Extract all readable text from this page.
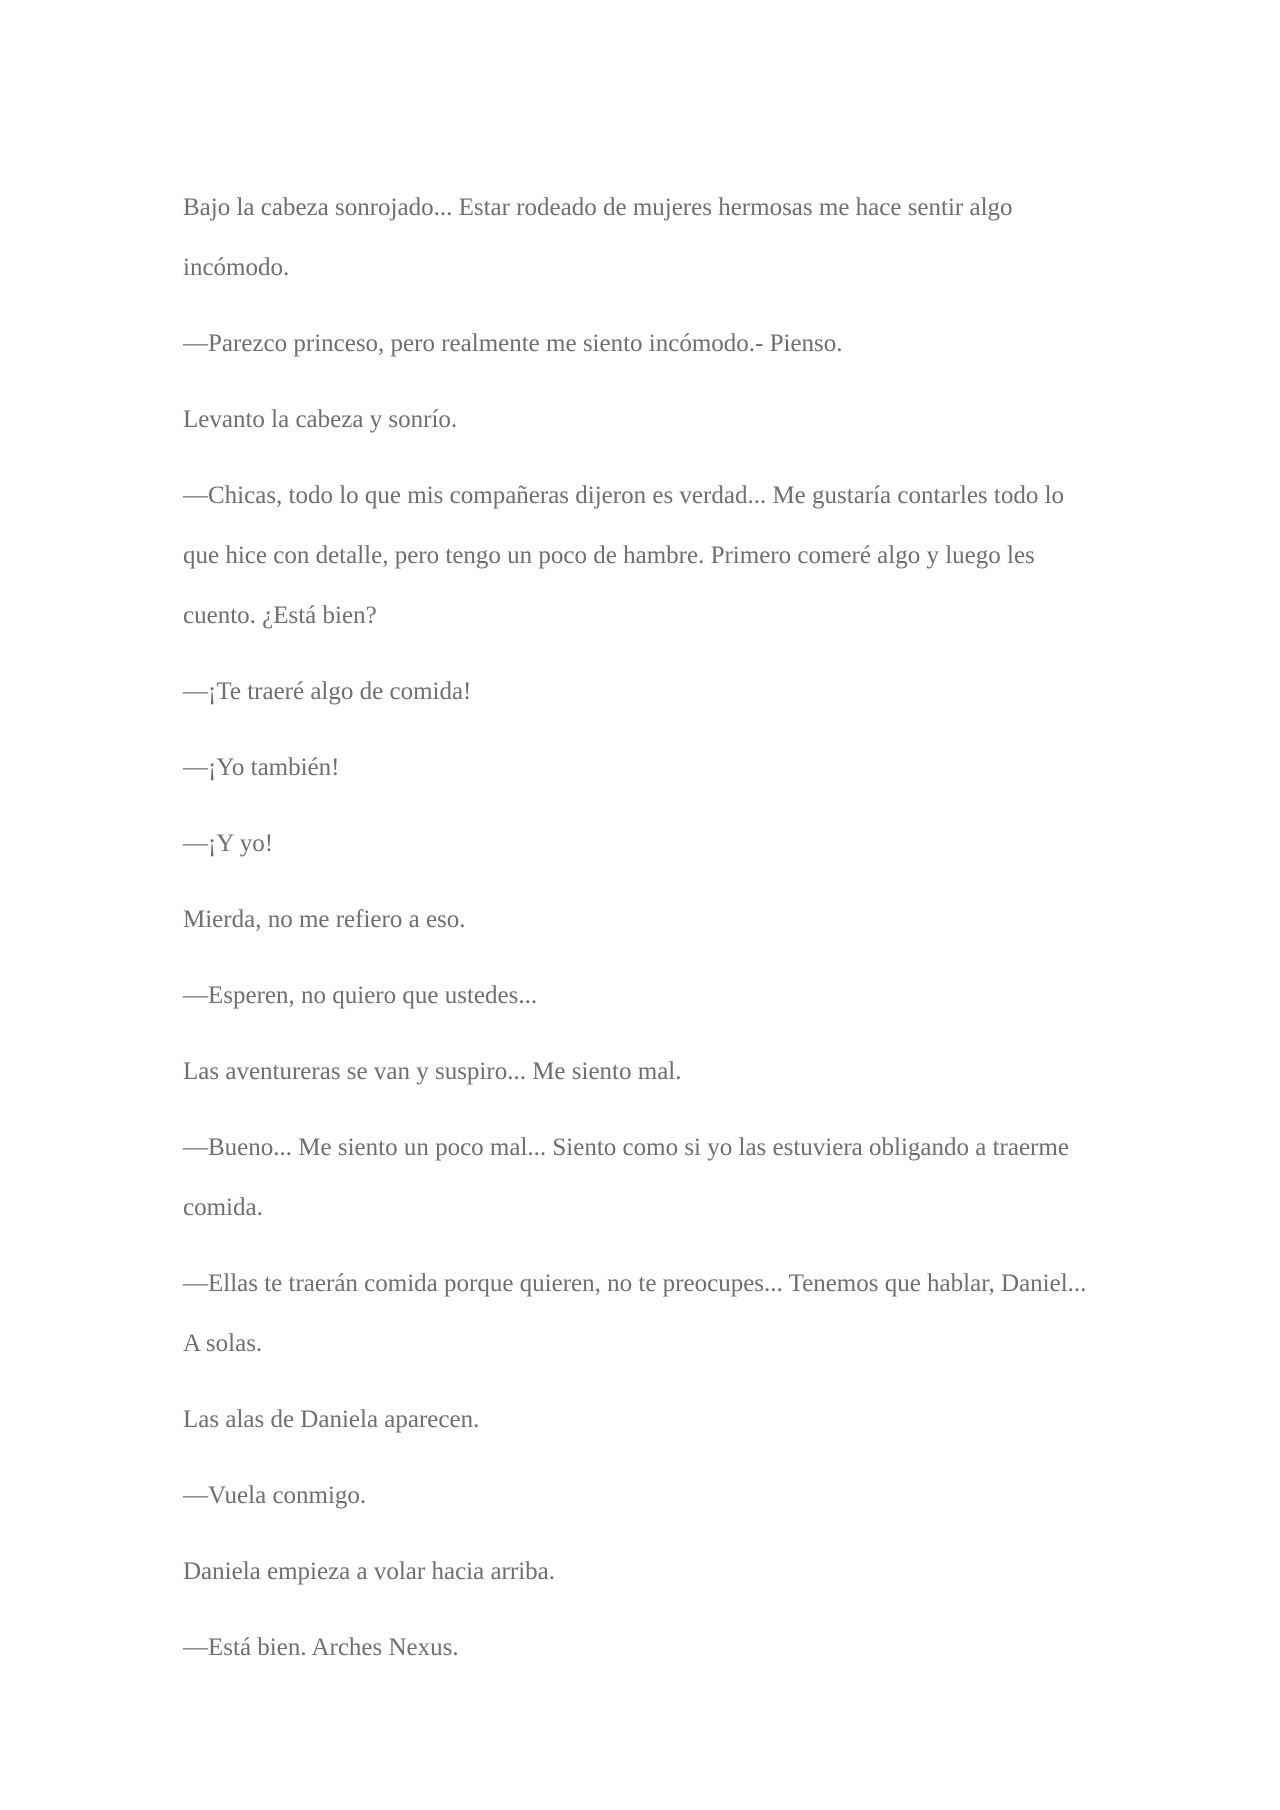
Bajo la cabeza sonrojado... Estar rodeado de mujeres hermosas me hace sentir algo incómodo.

—Parezco princeso, pero realmente me siento incómodo.- Pienso.

Levanto la cabeza y sonrío.

—Chicas, todo lo que mis compañeras dijeron es verdad... Me gustaría contarles todo lo que hice con detalle, pero tengo un poco de hambre. Primero comeré algo y luego les cuento. ¿Está bien?

—¡Te traeré algo de comida!

—¡Yo también!

—¡Y yo!

Mierda, no me refiero a eso.

—Esperen, no quiero que ustedes...

Las aventureras se van y suspiro... Me siento mal.

—Bueno... Me siento un poco mal... Siento como si yo las estuviera obligando a traerme comida.

—Ellas te traerán comida porque quieren, no te preocupes... Tenemos que hablar, Daniel... A solas.

Las alas de Daniela aparecen.

—Vuela conmigo.

Daniela empieza a volar hacia arriba.

—Está bien. Arches Nexus.
